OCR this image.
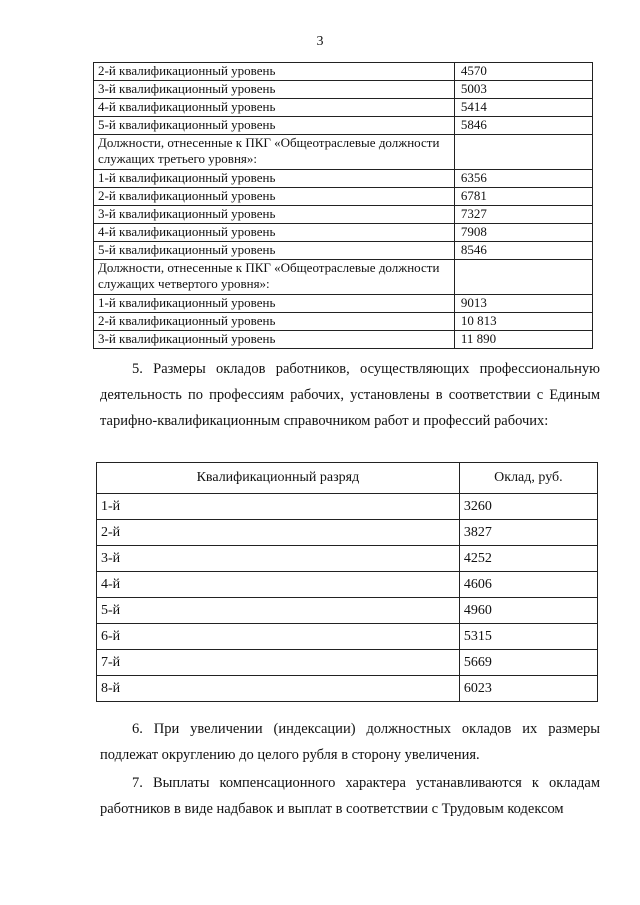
3
2-й квалификационный уровень	4570
3-й квалификационный уровень	5003
4-й квалификационный уровень	5414
5-й квалификационный уровень	5846
Должности, отнесенные к ПКГ «Общеотраслевые должности служащих третьего уровня»:	
1-й квалификационный уровень	6356
2-й квалификационный уровень	6781
3-й квалификационный уровень	7327
4-й квалификационный уровень	7908
5-й квалификационный уровень	8546
Должности, отнесенные к ПКГ «Общеотраслевые должности служащих четвертого уровня»:	
1-й квалификационный уровень	9013
2-й квалификационный уровень	10 813
3-й квалификационный уровень	11 890

5. Размеры окладов работников, осуществляющих профессиональную деятельность по профессиям рабочих, установлены в соответствии с Единым тарифно-квалификационным справочником работ и профессий рабочих:

Квалификационный разряд	Оклад, руб.
1-й	3260
2-й	3827
3-й	4252
4-й	4606
5-й	4960
6-й	5315
7-й	5669
8-й	6023

6. При увеличении (индексации) должностных окладов их размеры подлежат округлению до целого рубля в сторону увеличения.

7. Выплаты компенсационного характера устанавливаются к окладам работников в виде надбавок и выплат в соответствии с Трудовым кодексом
